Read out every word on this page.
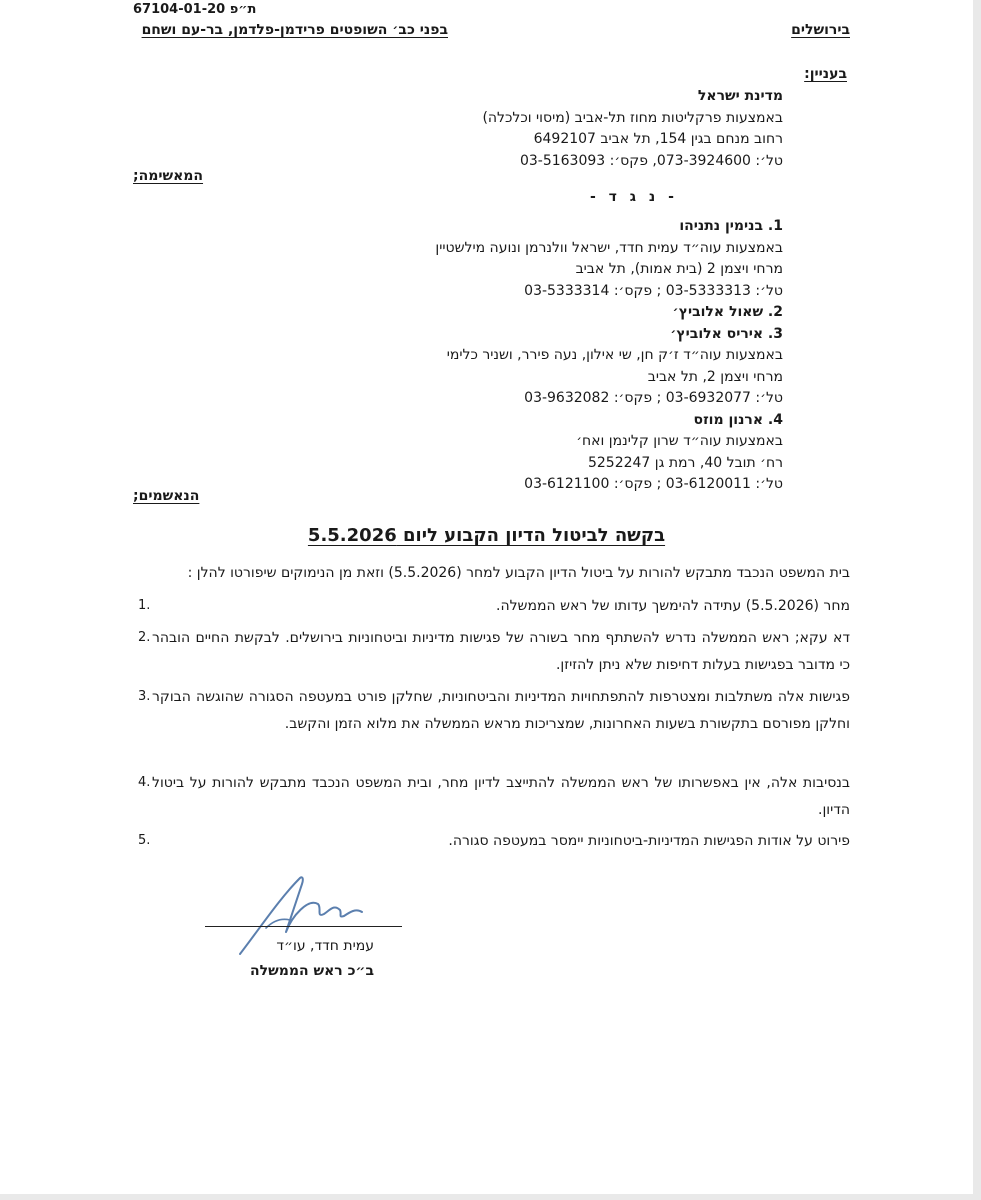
ת״פ 67104-01-20
בירושלים
בפני כב׳ השופטים פרידמן-פלדמן, בר-עם ושחם
בעניין:
מדינת ישראל
באמצעות פרקליטות מחוז תל-אביב (מיסוי וכלכלה)
רחוב מנחם בגין 154, תל אביב 6492107
טל׳: 073-3924600, פקס׳: 03-5163093
המאשימה;
- נ ג ד -
1. בנימין נתניהו
באמצעות עוה״ד עמית חדד, ישראל וולנרמן ונועה מילשטיין
מרחי ויצמן 2 (בית אמות), תל אביב
טל׳: 03-5333313 ; פקס׳: 03-5333314
2. שאול אלוביץ׳
3. איריס אלוביץ׳
באמצעות עוה״ד ז׳ק חן, שי אילון, נעה פירר, ושניר כלימי
מרחי ויצמן 2, תל אביב
טל׳: 03-6932077 ; פקס׳: 03-9632082
4. ארנון מוזס
באמצעות עוה״ד שרון קלינמן ואח׳
רח׳ תובל 40, רמת גן 5252247
טל׳: 03-6120011 ; פקס׳: 03-6121100
הנאשמים;
בקשה לביטול הדיון הקבוע ליום 5.5.2026
בית המשפט הנכבד מתבקש להורות על ביטול הדיון הקבוע למחר (5.5.2026) וזאת מן הנימוקים שיפורטו להלן :
מחר (5.5.2026) עתידה להימשך עדותו של ראש הממשלה.
1.
דא עקא; ראש הממשלה נדרש להשתתף מחר בשורה של פגישות מדיניות וביטחוניות בירושלים. לבקשת החיים הובהר כי מדובר בפגישות בעלות דחיפות שלא ניתן להזיזן.
2.
פגישות אלה משתלבות ומצטרפות להתפתחויות המדיניות והביטחוניות, שחלקן פורט במעטפה הסגורה שהוגשה הבוקר וחלקן מפורסם בתקשורת בשעות האחרונות, שמצריכות מראש הממשלה את מלוא הזמן והקשב.
3.
בנסיבות אלה, אין באפשרותו של ראש הממשלה להתייצב לדיון מחר, ובית המשפט הנכבד מתבקש להורות על ביטול הדיון.
4.
פירוט על אודות הפגישות המדיניות-ביטחוניות יימסר במעטפה סגורה.
5.
עמית חדד, עו״ד
ב״כ ראש הממשלה
